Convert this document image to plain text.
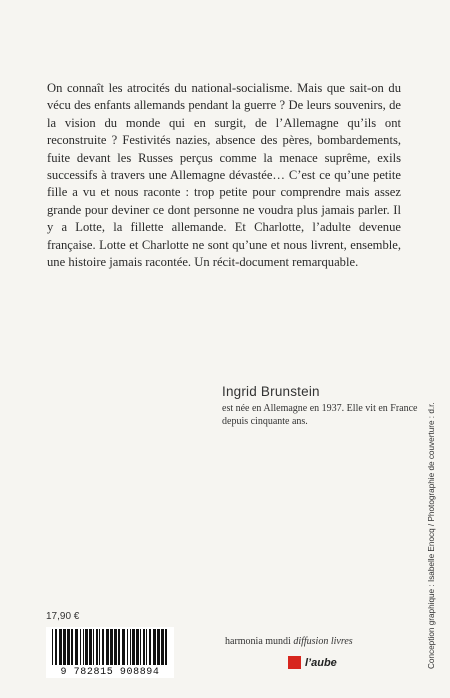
On connaît les atrocités du national-socialisme. Mais que sait-on du vécu des enfants allemands pendant la guerre ? De leurs souvenirs, de la vision du monde qui en surgit, de l’Allemagne qu’ils ont reconstruite ? Festivités nazies, absence des pères, bombardements, fuite devant les Russes perçus comme la menace suprême, exils successifs à travers une Allemagne dévastée… C’est ce qu’une petite fille a vu et nous raconte : trop petite pour comprendre mais assez grande pour deviner ce dont personne ne voudra plus jamais parler. Il y a Lotte, la fillette allemande. Et Charlotte, l’adulte devenue française. Lotte et Charlotte ne sont qu’une et nous livrent, ensemble, une histoire jamais racontée. Un récit-document remarquable.

Ingrid Brunstein
est née en Allemagne en 1937. Elle vit en France depuis cinquante ans.
17,90 €
9 782815 908894
harmonia mundi diffusion livres
l’aube	Conception graphique : Isabelle Enocq / Photographie de couverture : d.r.
